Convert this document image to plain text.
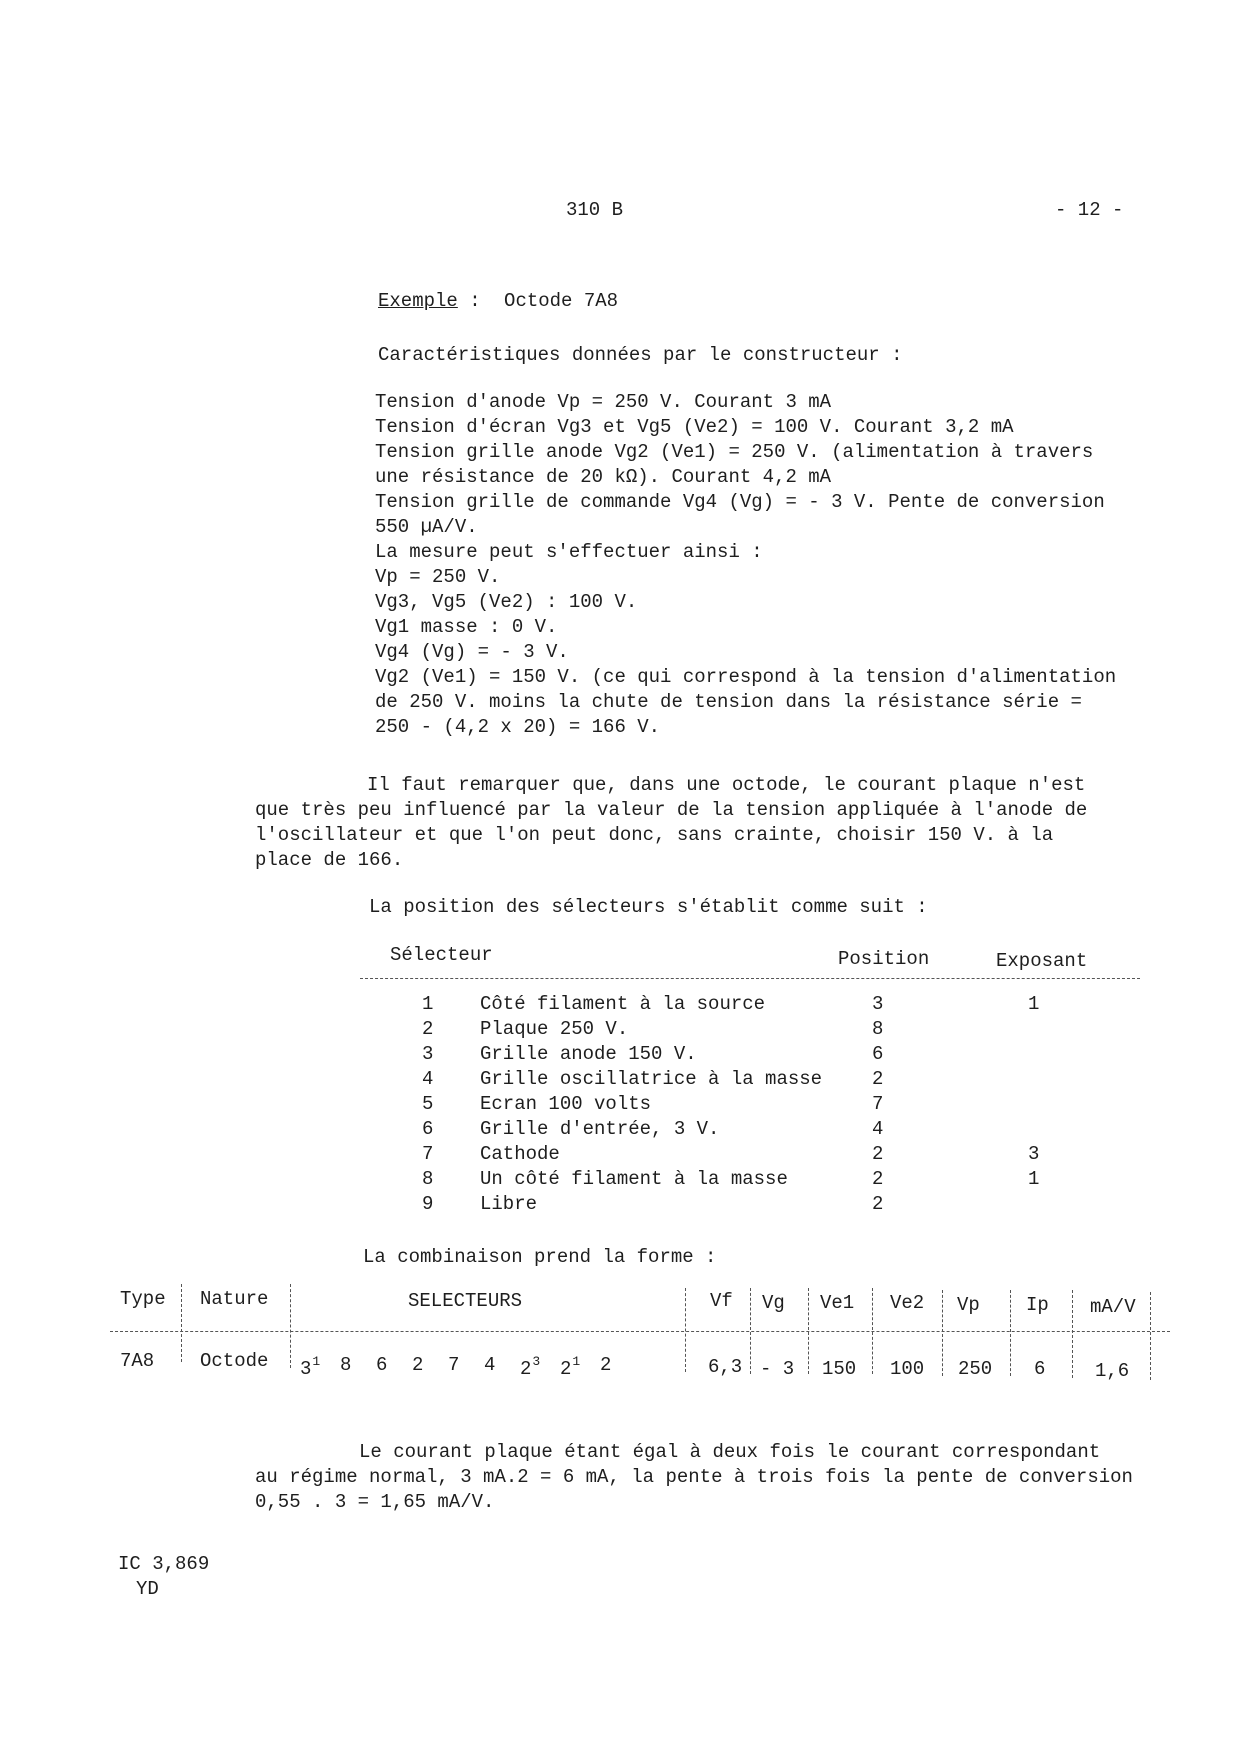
310 B	- 12 -
Exemple : Octode 7A8
Caractéristiques données par le constructeur :
Tension d'anode Vp = 250 V. Courant 3 mA
Tension d'écran Vg3 et Vg5 (Ve2) = 100 V. Courant 3,2 mA
Tension grille anode Vg2 (Ve1) = 250 V. (alimentation à travers
une résistance de 20 kΩ). Courant 4,2 mA
Tension grille de commande Vg4 (Vg) = - 3 V. Pente de conversion
550 µA/V.
La mesure peut s'effectuer ainsi :
Vp = 250 V.
Vg3, Vg5 (Ve2) : 100 V.
Vg1 masse : 0 V.
Vg4 (Vg) = - 3 V.
Vg2 (Ve1) = 150 V. (ce qui correspond à la tension d'alimentation
de 250 V. moins la chute de tension dans la résistance série =
250 - (4,2 x 20) = 166 V.
Il faut remarquer que, dans une octode, le courant plaque n'est
que très peu influencé par la valeur de la tension appliquée à l'anode de
l'oscillateur et que l'on peut donc, sans crainte, choisir 150 V. à la
place de 166.
La position des sélecteurs s'établit comme suit :
Sélecteur	Position	Exposant
1 Côté filament à la source	3	1
2 Plaque 250 V.	8
3 Grille anode 150 V.	6
4 Grille oscillatrice à la masse	2
5 Ecran 100 volts	7
6 Grille d'entrée, 3 V.	4
7 Cathode	2	3
8 Un côté filament à la masse	2	1
9 Libre	2
La combinaison prend la forme :
Type Nature	SELECTEURS	Vf Vg Ve1 Ve2 Vp Ip mA/V
7A8 Octode $3^1$ 8 6 2 7 4 $2^3$ $2^1$ 2	6,3 - 3 150 100 250 6	1,6
Le courant plaque étant égal à deux fois le courant correspondant
au régime normal, 3 mA.2 = 6 mA, la pente à trois fois la pente de conversion
0,55 . 3 = 1,65 mA/V.
IC 3,869
YD
